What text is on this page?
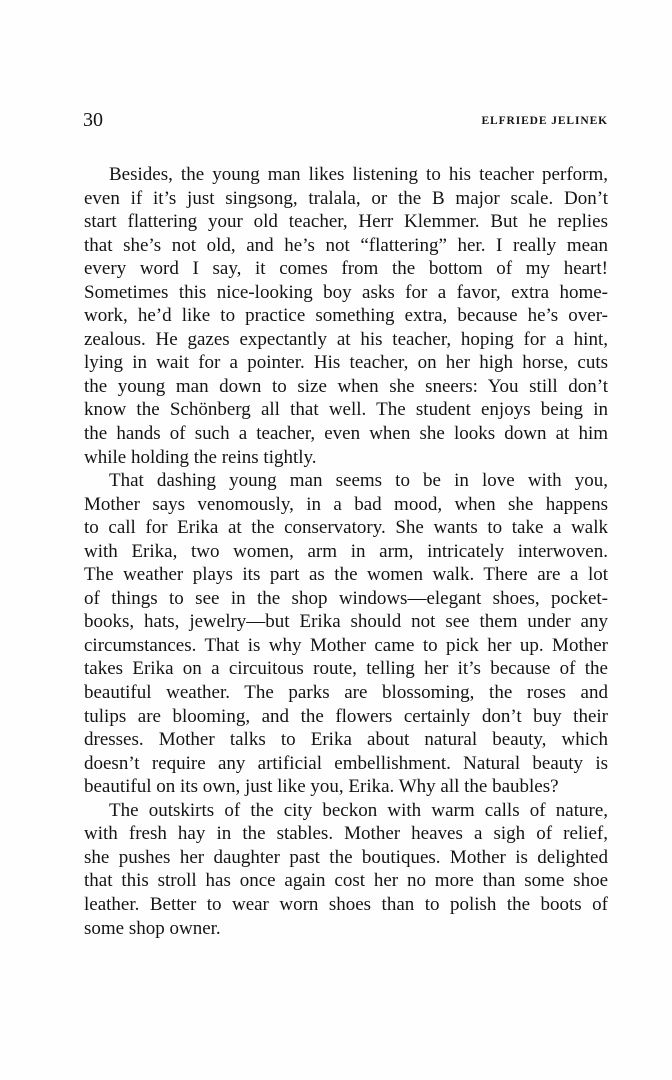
30	ELFRIEDE JELINEK
Besides, the young man likes listening to his teacher perform,
even if it’s just singsong, tralala, or the B major scale. Don’t
start flattering your old teacher, Herr Klemmer. But he replies
that she’s not old, and he’s not “flattering” her. I really mean
every word I say, it comes from the bottom of my heart!
Sometimes this nice-looking boy asks for a favor, extra home-
work, he’d like to practice something extra, because he’s over-
zealous. He gazes expectantly at his teacher, hoping for a hint,
lying in wait for a pointer. His teacher, on her high horse, cuts
the young man down to size when she sneers: You still don’t
know the Schönberg all that well. The student enjoys being in
the hands of such a teacher, even when she looks down at him
while holding the reins tightly.
That dashing young man seems to be in love with you,
Mother says venomously, in a bad mood, when she happens
to call for Erika at the conservatory. She wants to take a walk
with Erika, two women, arm in arm, intricately interwoven.
The weather plays its part as the women walk. There are a lot
of things to see in the shop windows—elegant shoes, pocket-
books, hats, jewelry—but Erika should not see them under any
circumstances. That is why Mother came to pick her up. Mother
takes Erika on a circuitous route, telling her it’s because of the
beautiful weather. The parks are blossoming, the roses and
tulips are blooming, and the flowers certainly don’t buy their
dresses. Mother talks to Erika about natural beauty, which
doesn’t require any artificial embellishment. Natural beauty is
beautiful on its own, just like you, Erika. Why all the baubles?
The outskirts of the city beckon with warm calls of nature,
with fresh hay in the stables. Mother heaves a sigh of relief,
she pushes her daughter past the boutiques. Mother is delighted
that this stroll has once again cost her no more than some shoe
leather. Better to wear worn shoes than to polish the boots of
some shop owner.
